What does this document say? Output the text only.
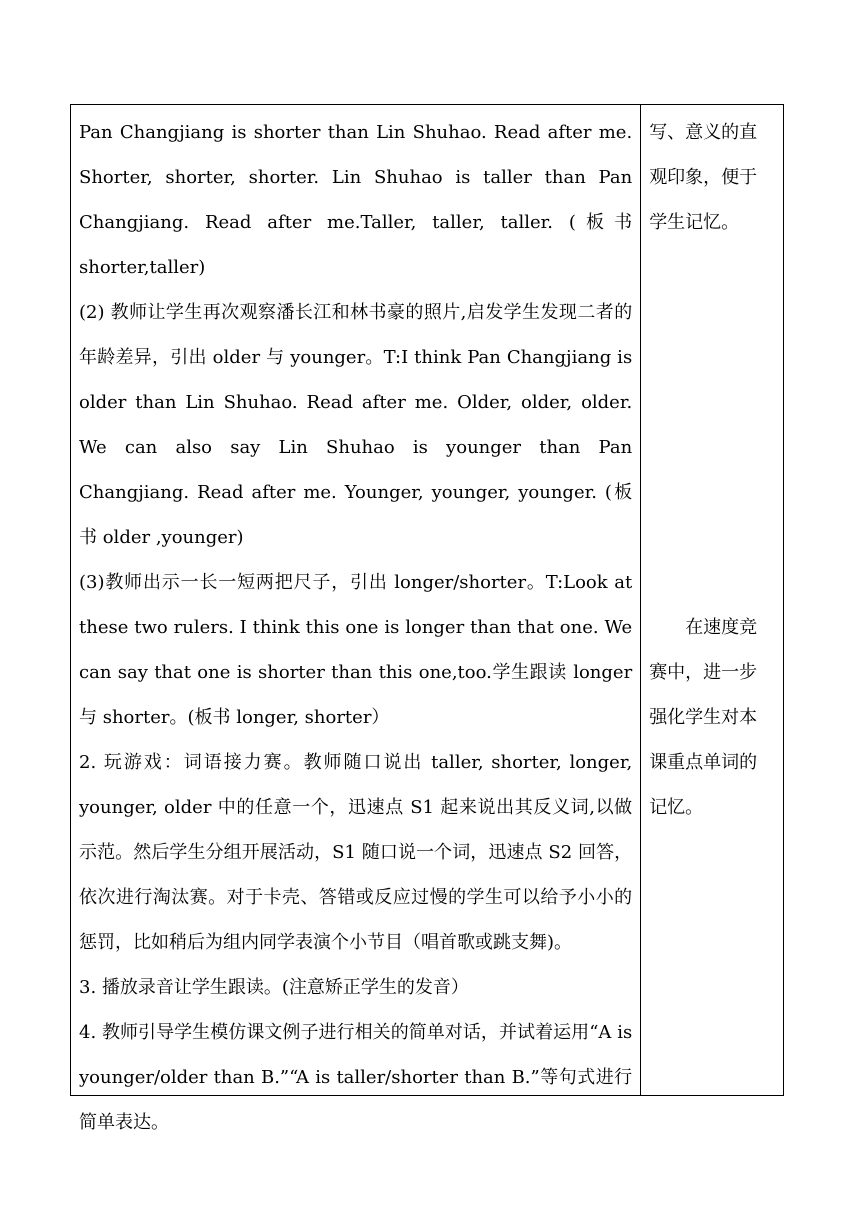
Pan Changjiang is shorter than Lin Shuhao. Read after me. Shorter, shorter, shorter. Lin Shuhao is taller than Pan Changjiang. Read after me.Taller, taller, taller. (板书 shorter,taller)

(2) 教师让学生再次观察潘长江和林书豪的照片,启发学生发现二者的年龄差异，引出 older 与 younger。T:I think Pan Changjiang is older than Lin Shuhao. Read after me. Older, older, older. We can also say Lin Shuhao is younger than Pan Changjiang. Read after me. Younger, younger, younger. (板书 older ,younger)

(3)教师出示一长一短两把尺子，引出 longer/shorter。T:Look at these two rulers. I think this one is longer than that one. We can say that one is shorter than this one,too.学生跟读 longer 与 shorter。(板书 longer, shorter）

2. 玩游戏：词语接力赛。教师随口说出 taller, shorter, longer, younger, older 中的任意一个，迅速点 S1 起来说出其反义词,以做示范。然后学生分组开展活动，S1 随口说一个词，迅速点 S2 回答，依次进行淘汰赛。对于卡壳、答错或反应过慢的学生可以给予小小的惩罚，比如稍后为组内同学表演个小节目（唱首歌或跳支舞)。

3. 播放录音让学生跟读。(注意矫正学生的发音）

4. 教师引导学生模仿课文例子进行相关的简单对话，并试着运用“A is younger/older than B.”“A is taller/shorter than B.”等句式进行简单表达。

写、意义的直观印象，便于学生记忆。

在速度竞赛中，进一步强化学生对本课重点单词的记忆。
